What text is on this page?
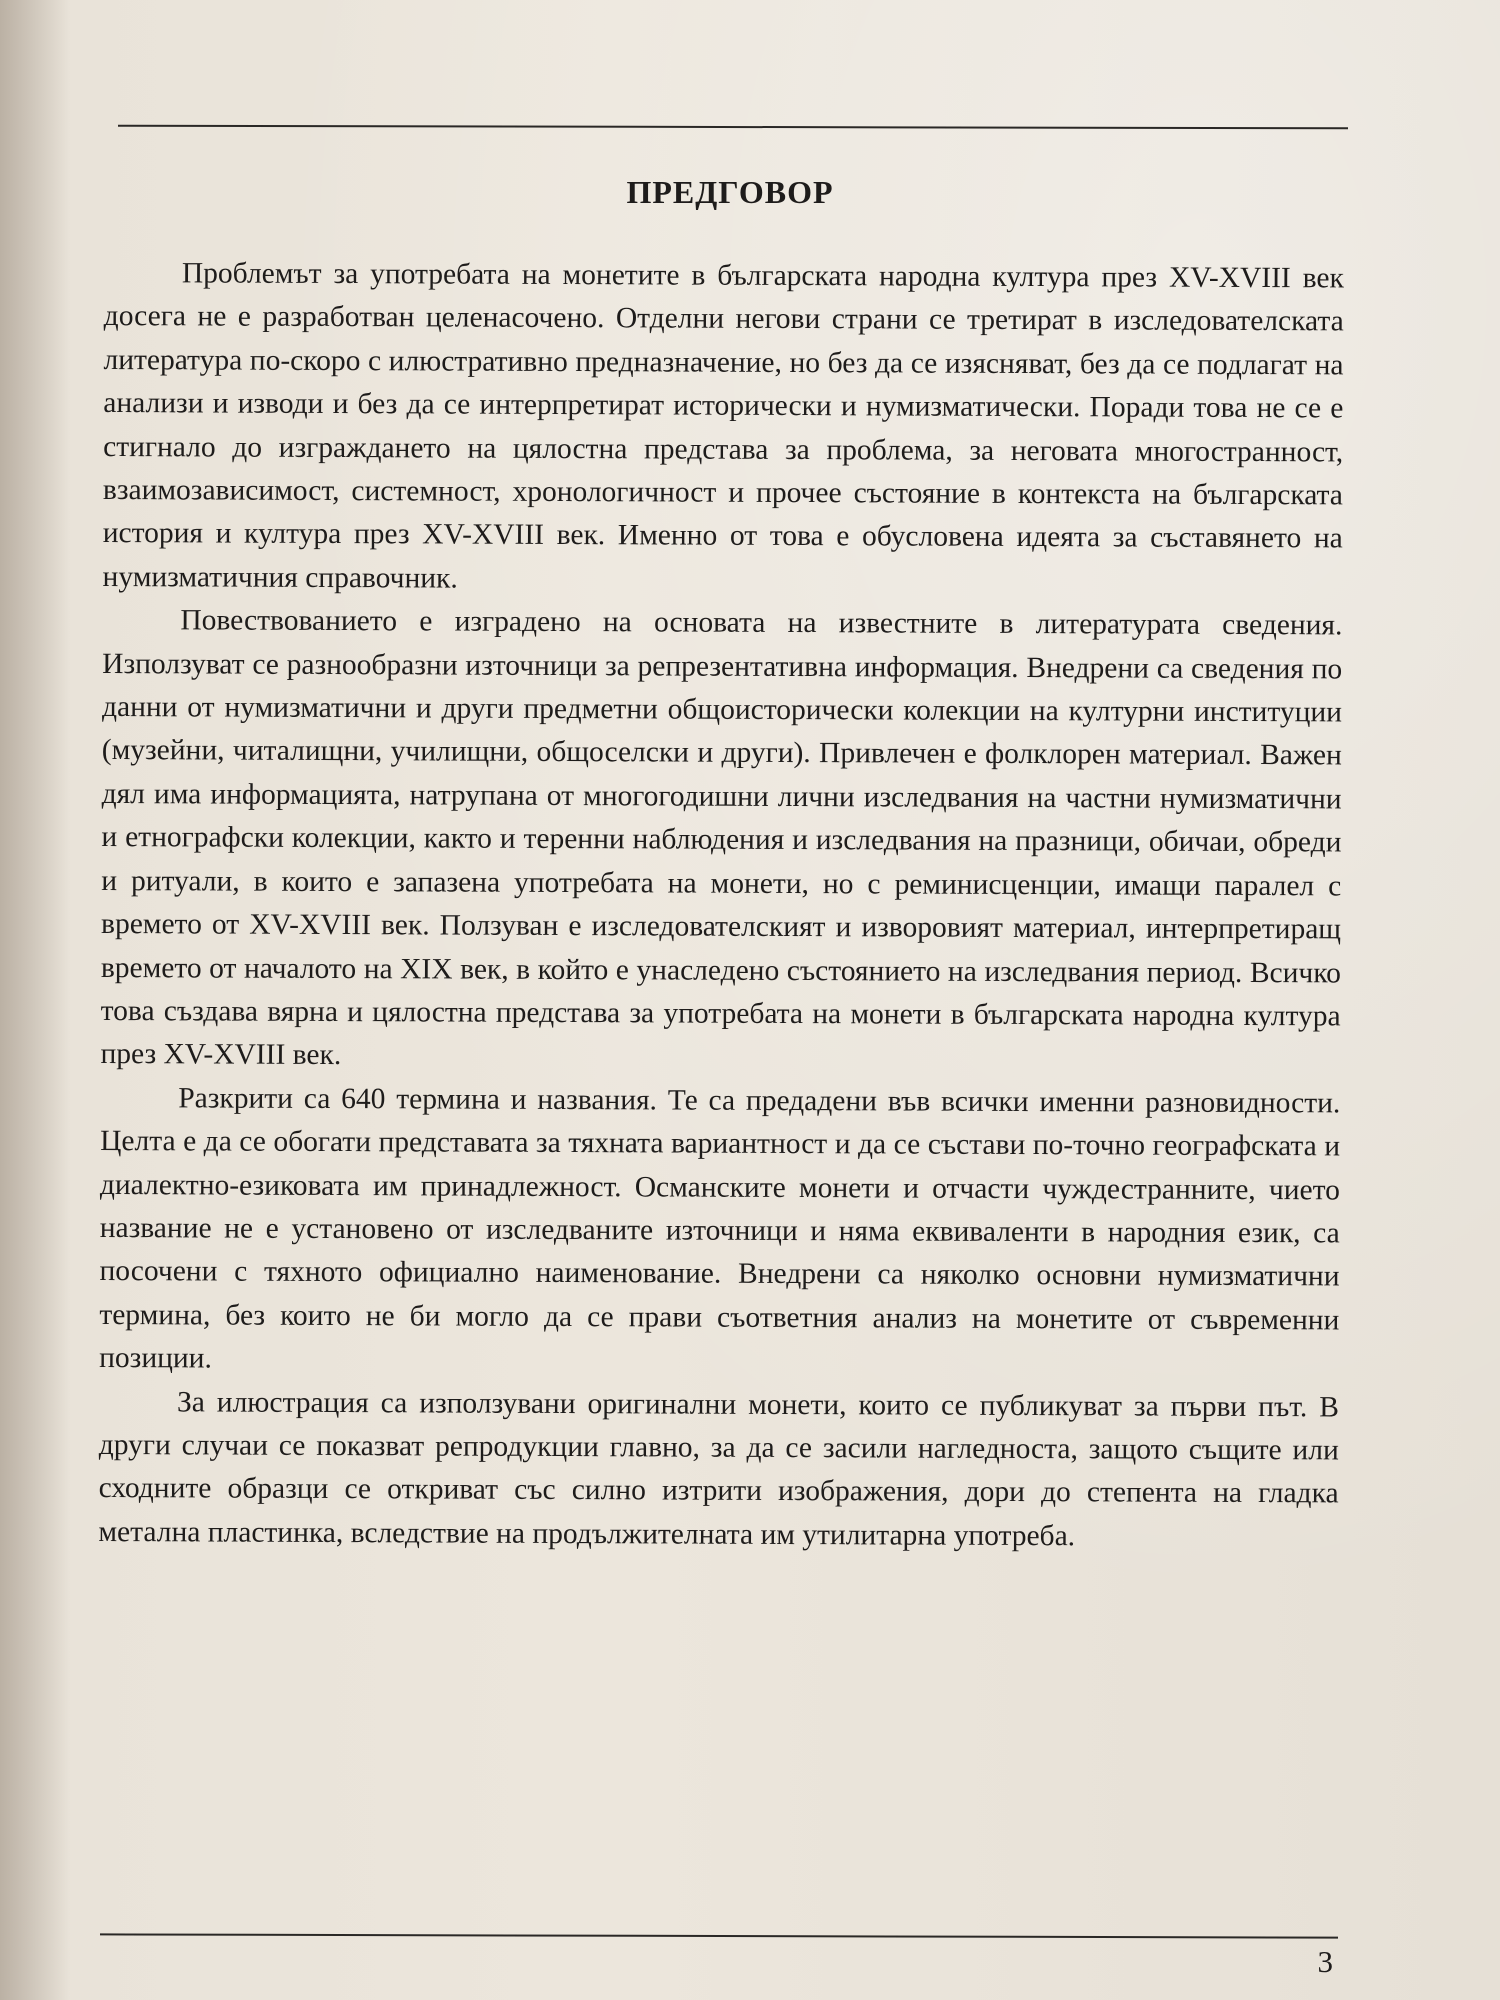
ПРЕДГОВОР

Проблемът за употребата на монетите в българската народна култура през XV-XVIII век досега не е разработван целенасочено. Отделни негови страни се третират в изследователската литература по-скоро с илюстративно предназначение, но без да се изясняват, без да се подлагат на анализи и изводи и без да се интерпретират исторически и нумизматически. Поради това не се е стигнало до изграждането на цялостна представа за проблема, за неговата многостранност, взаимозависимост, системност, хронологичност и прочее състояние в контекста на българската история и култура през XV-XVIII век. Именно от това е обусловена идеята за съставянето на нумизматичния справочник.

Повествованието е изградено на основата на известните в литературата сведения. Използуват се разнообразни източници за репрезентативна информация. Внедрени са сведения по данни от нумизматични и други предметни общоисторически колекции на културни институции (музейни, читалищни, училищни, общоселски и други). Привлечен е фолклорен материал. Важен дял има информацията, натрупана от многогодишни лични изследвания на частни нумизматични и етнографски колекции, както и теренни наблюдения и изследвания на празници, обичаи, обреди и ритуали, в които е запазена употребата на монети, но с реминисценции, имащи паралел с времето от XV-XVIII век. Ползуван е изследователският и изворовият материал, интерпретиращ времето от началото на XIX век, в който е унаследено състоянието на изследвания период. Всичко това създава вярна и цялостна представа за употребата на монети в българската народна култура през XV-XVIII век.

Разкрити са 640 термина и названия. Те са предадени във всички именни разновидности. Целта е да се обогати представата за тяхната вариантност и да се състави по-точно географската и диалектно-езиковата им принадлежност. Османските монети и отчасти чуждестранните, чието название не е установено от изследваните източници и няма еквиваленти в народния език, са посочени с тяхното официално наименование. Внедрени са няколко основни нумизматични термина, без които не би могло да се прави съответния анализ на монетите от съвременни позиции.

За илюстрация са използувани оригинални монети, които се публикуват за първи път. В други случаи се показват репродукции главно, за да се засили нагледноста, защото същите или сходните образци се откриват със силно изтрити изображения, дори до степента на гладка метална пластинка, вследствие на продължителната им утилитарна употреба.

3
